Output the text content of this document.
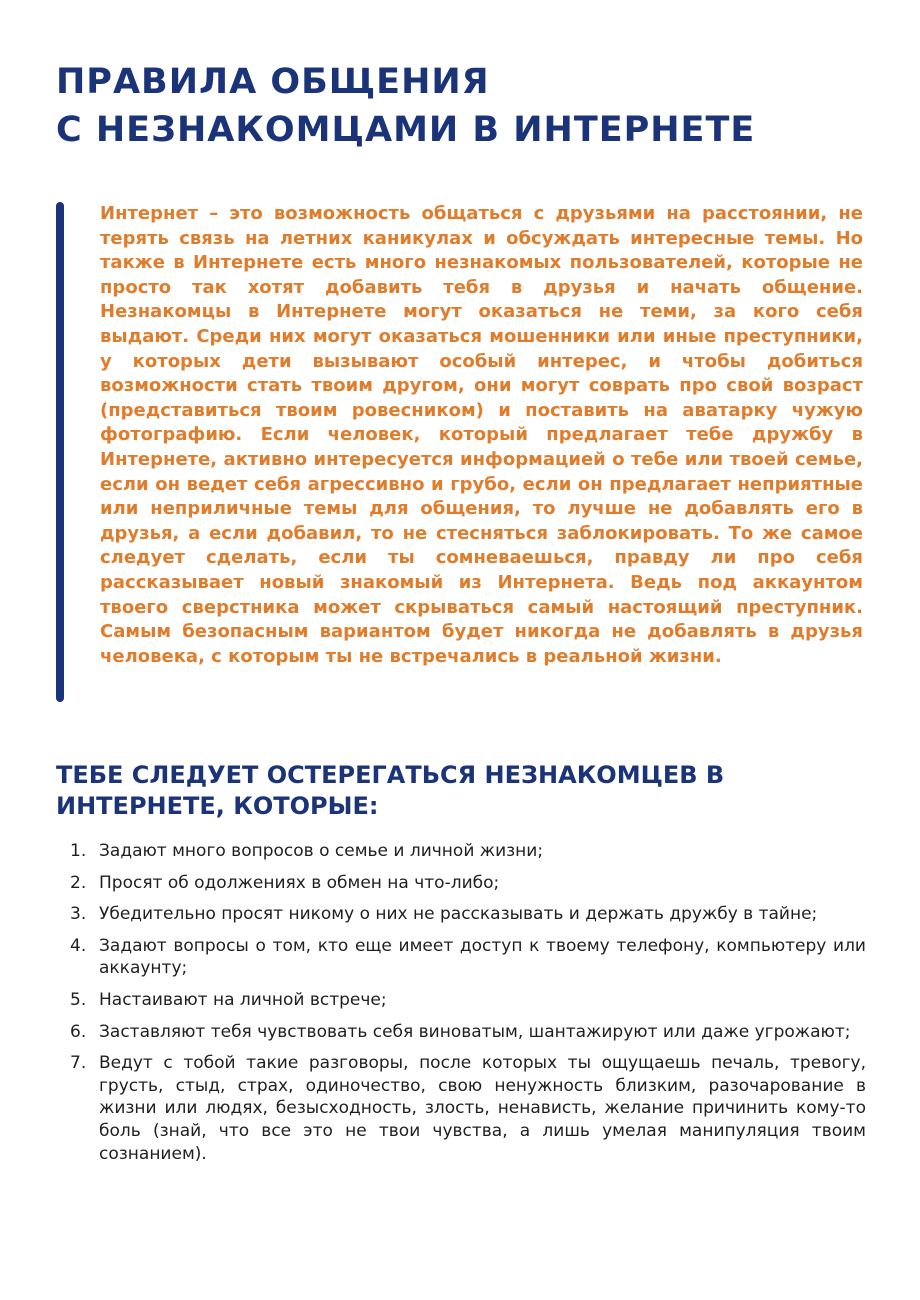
ПРАВИЛА ОБЩЕНИЯ
С НЕЗНАКОМЦАМИ В ИНТЕРНЕТЕ

Интернет – это возможность общаться с друзьями на расстоянии, не терять связь на летних каникулах и обсуждать интересные темы. Но также в Интернете есть много незнакомых пользователей, которые не просто так хотят добавить тебя в друзья и начать общение. Незнакомцы в Интернете могут оказаться не теми, за кого себя выдают. Среди них могут оказаться мошенники или иные преступники, у которых дети вызывают особый интерес, и чтобы добиться возможности стать твоим другом, они могут соврать про свой возраст (представиться твоим ровесником) и поставить на аватарку чужую фотографию. Если человек, который предлагает тебе дружбу в Интернете, активно интересуется информацией о тебе или твоей семье, если он ведет себя агрессивно и грубо, если он предлагает неприятные или неприличные темы для общения, то лучше не добавлять его в друзья, а если добавил, то не стесняться заблокировать. То же самое следует сделать, если ты сомневаешься, правду ли про себя рассказывает новый знакомый из Интернета. Ведь под аккаунтом твоего сверстника может скрываться самый настоящий преступник. Самым безопасным вариантом будет никогда не добавлять в друзья человека, с которым ты не встречались в реальной жизни.

ТЕБЕ СЛЕДУЕТ ОСТЕРЕГАТЬСЯ НЕЗНАКОМЦЕВ В
ИНТЕРНЕТЕ, КОТОРЫЕ:
1. Задают много вопросов о семье и личной жизни;
2. Просят об одолжениях в обмен на что-либо;
3. Убедительно просят никому о них не рассказывать и держать дружбу в тайне;
4. Задают вопросы о том, кто еще имеет доступ к твоему телефону, компьютеру или аккаунту;
5. Настаивают на личной встрече;
6. Заставляют тебя чувствовать себя виноватым, шантажируют или даже угрожают;
7. Ведут с тобой такие разговоры, после которых ты ощущаешь печаль, тревогу, грусть, стыд, страх, одиночество, свою ненужность близким, разочарование в жизни или людях, безысходность, злость, ненависть, желание причинить кому-то боль (знай, что все это не твои чувства, а лишь умелая манипуляция твоим сознанием).
